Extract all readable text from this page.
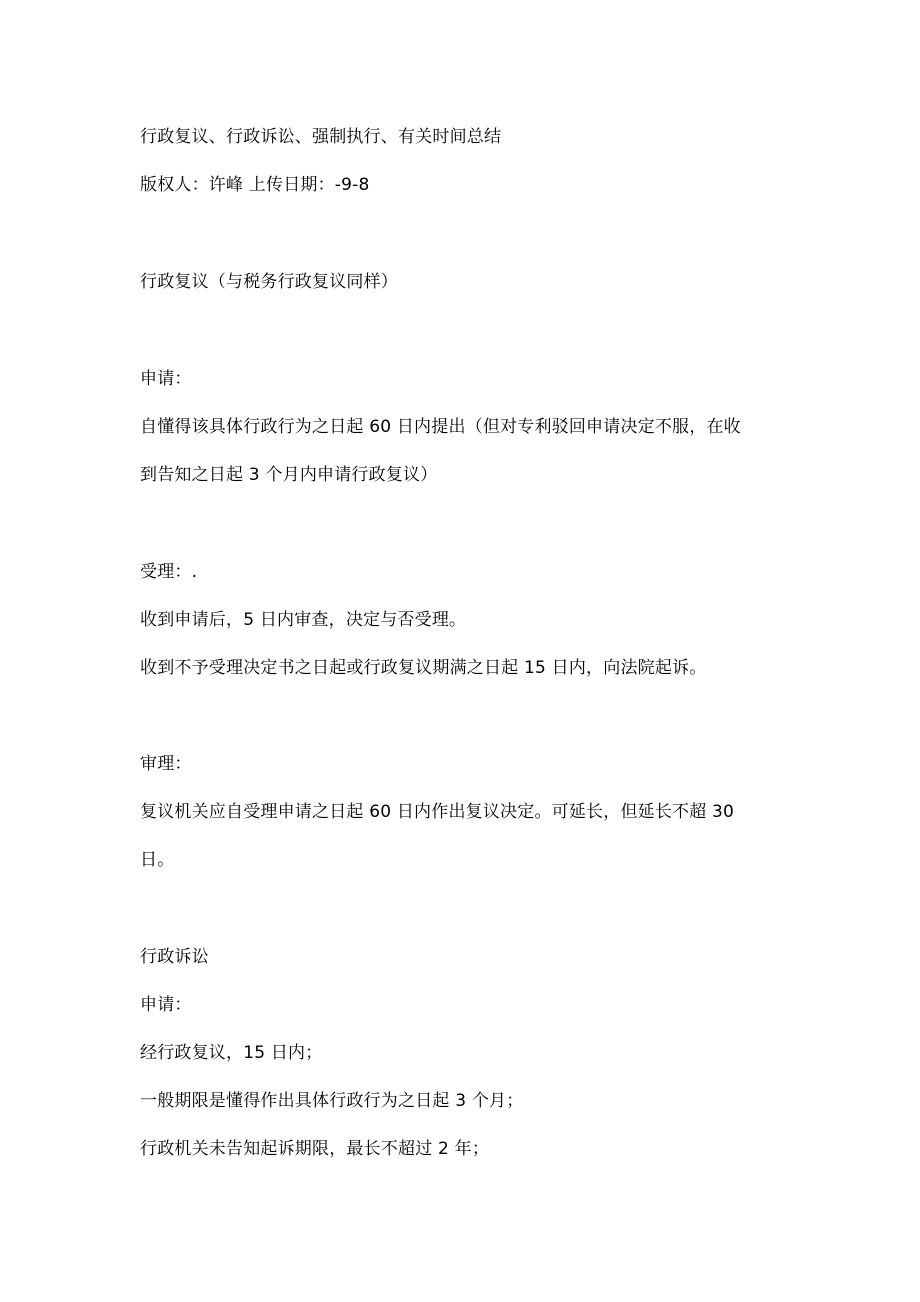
行政复议、行政诉讼、强制执行、有关时间总结
版权人：许峰 上传日期：-9-8
行政复议（与税务行政复议同样）
申请：
自懂得该具体行政行为之日起 60 日内提出（但对专利驳回申请决定不服，在收
到告知之日起 3 个月内申请行政复议）
受理：.
收到申请后，5 日内审查，决定与否受理。
收到不予受理决定书之日起或行政复议期满之日起 15 日内，向法院起诉。
审理：
复议机关应自受理申请之日起 60 日内作出复议决定。可延长，但延长不超 30
日。
行政诉讼
申请：
经行政复议，15 日内；
一般期限是懂得作出具体行政行为之日起 3 个月；
行政机关未告知起诉期限，最长不超过 2 年；
